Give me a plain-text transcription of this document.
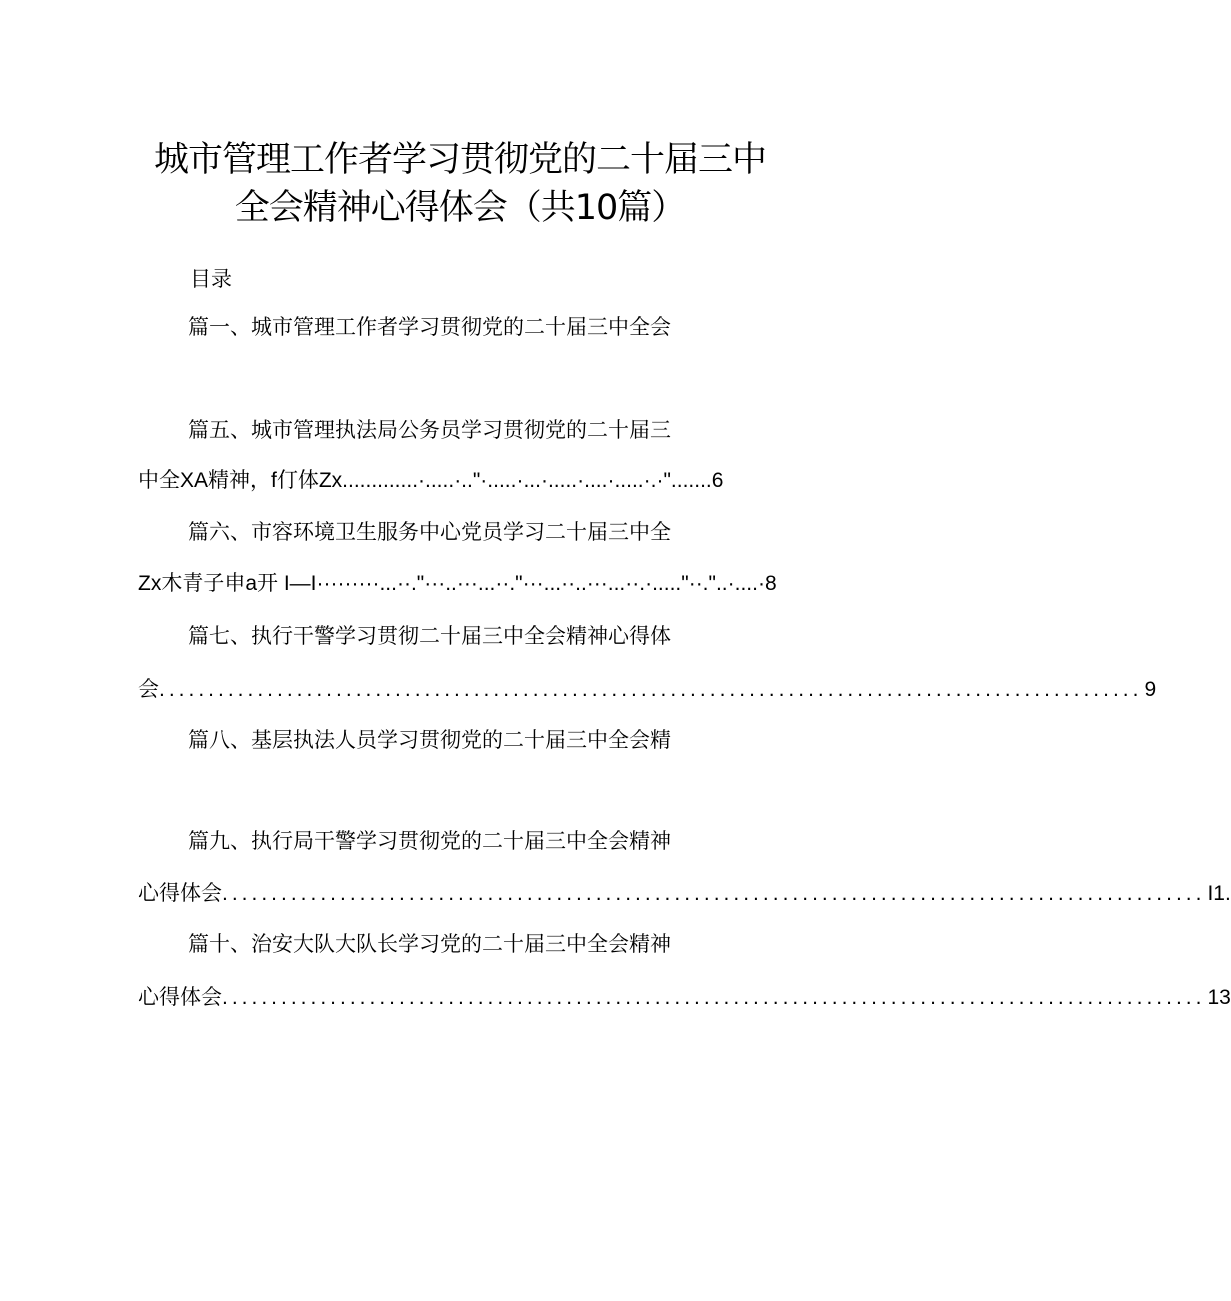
城市管理工作者学习贯彻党的二十届三中
全会精神心得体会（共10篇）
目录
篇一、城市管理工作者学习贯彻党的二十届三中全会
篇五、城市管理执法局公务员学习贯彻党的二十届三
中全XA精神，f仃体Zx.............·.....·.."·.....·...·.....·....·.....·.·".......6
篇六、市容环境卫生服务中心党员学习二十届三中全
Zx木青子申a开 I—I·········...··."···..···...··."···...··..···...··.·....."··."..·....·8
篇七、执行干警学习贯彻二十届三中全会精神心得体
会 .................................................................................................... 9
篇八、基层执法人员学习贯彻党的二十届三中全会精
篇九、执行局干警学习贯彻党的二十届三中全会精神
心得体会 .................................................................................................... I1.
篇十、治安大队大队长学习党的二十届三中全会精神
心得体会 .................................................................................................... 13
